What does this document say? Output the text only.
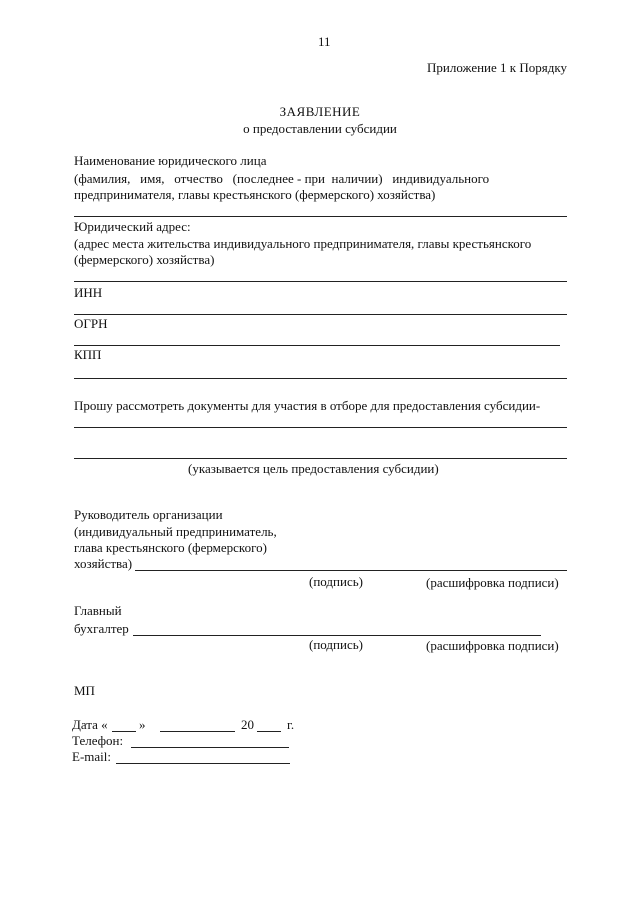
11
Приложение 1 к Порядку
ЗАЯВЛЕНИЕ
о предоставлении субсидии
Наименование юридического лица
(фамилия,   имя,   отчество   (последнее - при  наличии)   индивидуального
предпринимателя, главы крестьянского (фермерского) хозяйства)
Юридический адрес:
(адрес места жительства индивидуального предпринимателя, главы крестьянского
(фермерского) хозяйства)
ИНН
ОГРН
КПП
Прошу рассмотреть документы для участия в отборе для предоставления субсидии-
(указывается цель предоставления субсидии)
Руководитель организации
(индивидуальный предприниматель,
глава крестьянского (фермерского)
хозяйства)
(подпись)	(расшифровка подписи)
Главный
бухгалтер
(подпись)	(расшифровка подписи)
МП
Дата « »	20	г.
Телефон:
E-mail:
